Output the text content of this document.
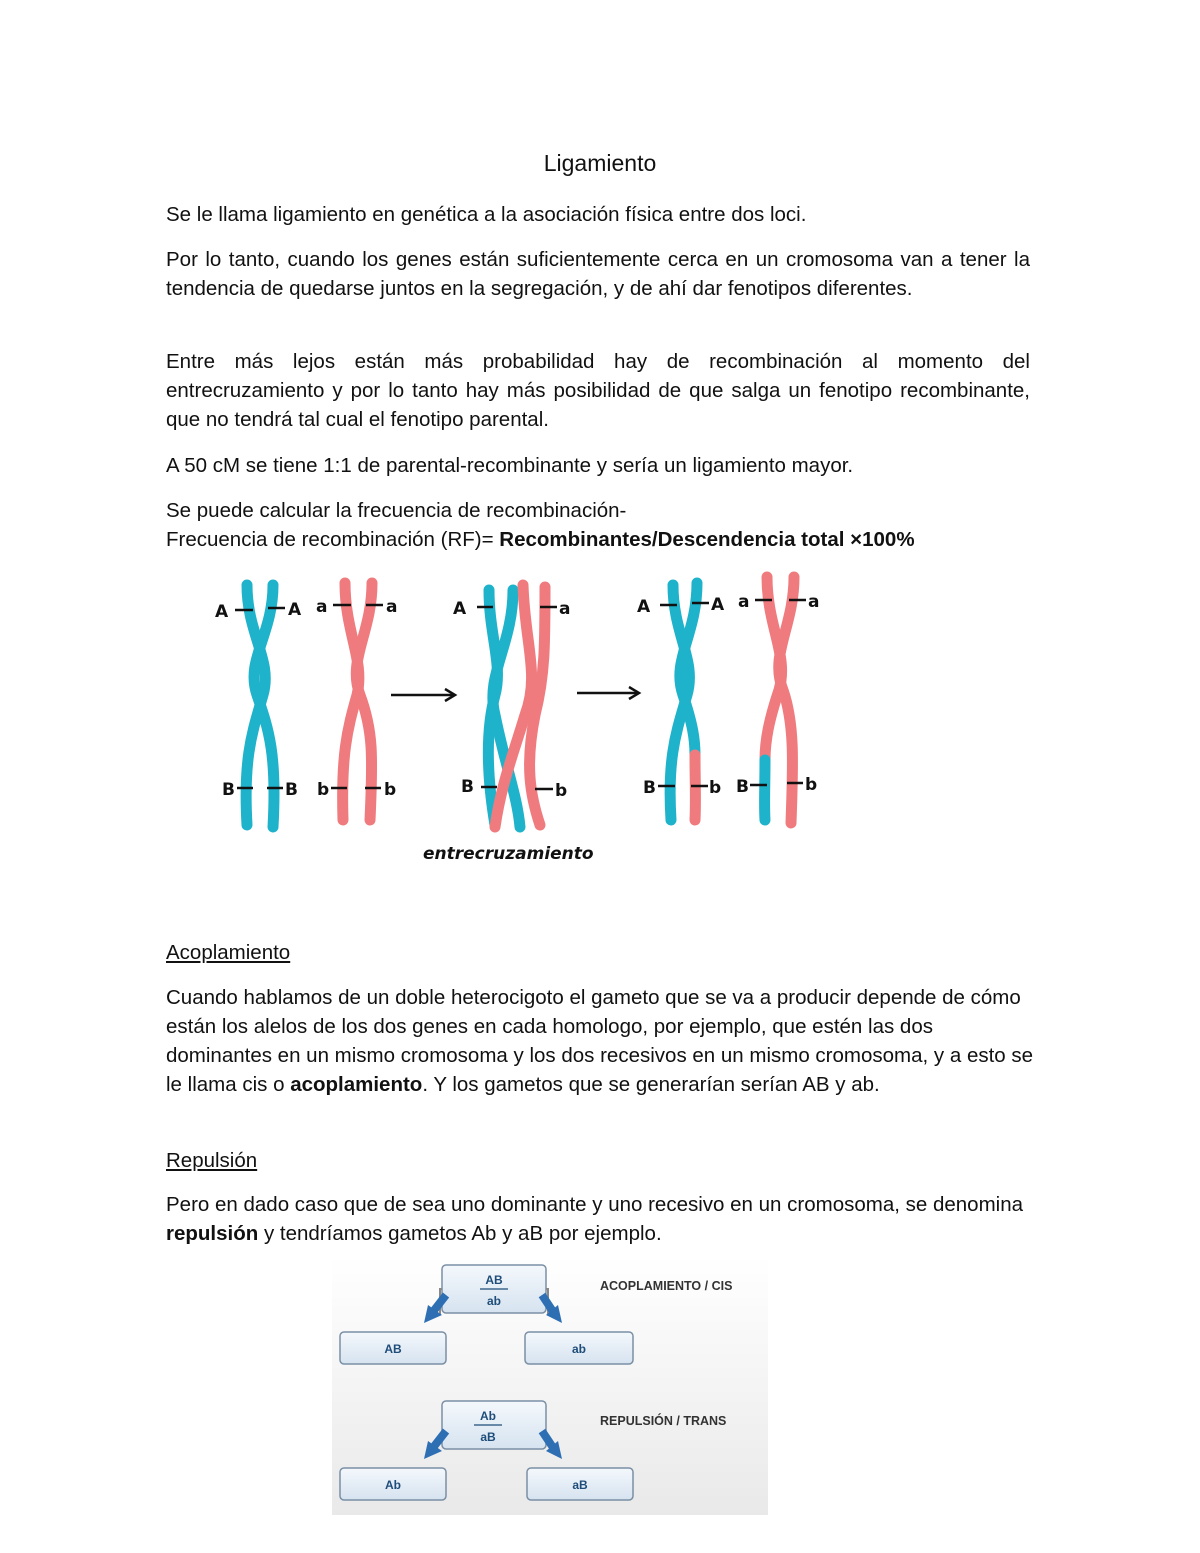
Ligamiento

Se le llama ligamiento en genética a la asociación física entre dos loci.

Por lo tanto, cuando los genes están suficientemente cerca en un cromosoma van a tener la tendencia de quedarse juntos en la segregación, y de ahí dar fenotipos diferentes.

Entre más lejos están más probabilidad hay de recombinación al momento del entrecruzamiento y por lo tanto hay más posibilidad de que salga un fenotipo recombinante, que no tendrá tal cual el fenotipo parental.

A 50 cM se tiene 1:1 de parental-recombinante y sería un ligamiento mayor.

Se puede calcular la frecuencia de recombinación-
Frecuencia de recombinación (RF)= Recombinantes/Descendencia total ×100%

A	A a	a
B	B b	b
A	a
B	b
A	A a	a
B	b B	b
entrecruzamiento

Acoplamiento

Cuando hablamos de un doble heterocigoto el gameto que se va a producir depende de cómo están los alelos de los dos genes en cada homologo, por ejemplo, que estén las dos dominantes en un mismo cromosoma y los dos recesivos en un mismo cromosoma, y a esto se le llama cis o acoplamiento. Y los gametos que se generarían serían AB y ab.

Repulsión

Pero en dado caso que de sea uno dominante y uno recesivo en un cromosoma, se denomina repulsión y tendríamos gametos Ab y aB por ejemplo.

AB
ab
AB	ab
ACOPLAMIENTO / CIS
Ab
aB
Ab	aB
REPULSIÓN / TRANS
